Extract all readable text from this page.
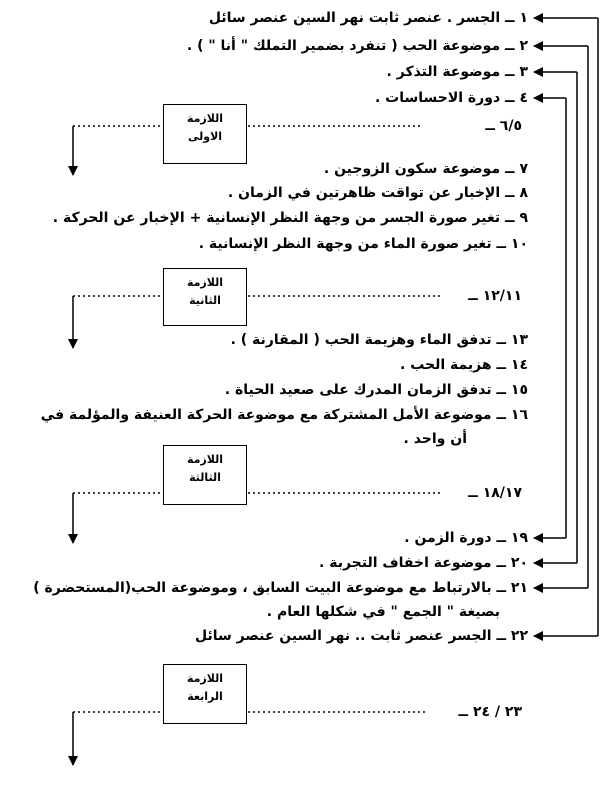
١ ــ الجسر . عنصر ثابت نهر السين عنصر سائل
٢ ــ موضوعة الحب ( تنفرد بضمير التملك " أنا " ) .
٣ ــ موضوعة التذكر .
٤ ــ دورة الاحساسات .
٦/٥ ــ
اللازمة
الاولى
٧ ــ موضوعة سكون الزوجين .
٨ ــ الإخبار عن تواقت ظاهرتين في الزمان .
٩ ــ تغير صورة الجسر من وجهة النظر الإنسانية + الإخبار عن الحركة .
١٠ ــ تغير صورة الماء من وجهة النظر الإنسانية .
١٢/١١ ــ
اللازمة
الثانية
١٣ ــ تدفق الماء وهزيمة الحب ( المقارنة ) .
١٤ ــ هزيمة الحب .
١٥ ــ تدفق الزمان المدرك على صعيد الحياة .
١٦ ــ موضوعة الأمل المشتركة مع موضوعة الحركة العنيفة والمؤلمة في
أن واحد .
١٨/١٧ ــ
اللازمة
الثالثة
١٩ ــ دورة الزمن .
٢٠ ــ موضوعة اخفاف التجربة .
٢١ ــ بالارتباط مع موضوعة البيت السابق ، وموضوعة الحب(المستحضرة )
بصيغة " الجمع " في شكلها العام .
٢٢ ــ الجسر عنصر ثابت .. نهر السين عنصر سائل
٢٣ / ٢٤ ــ
اللازمة
الرابعة
